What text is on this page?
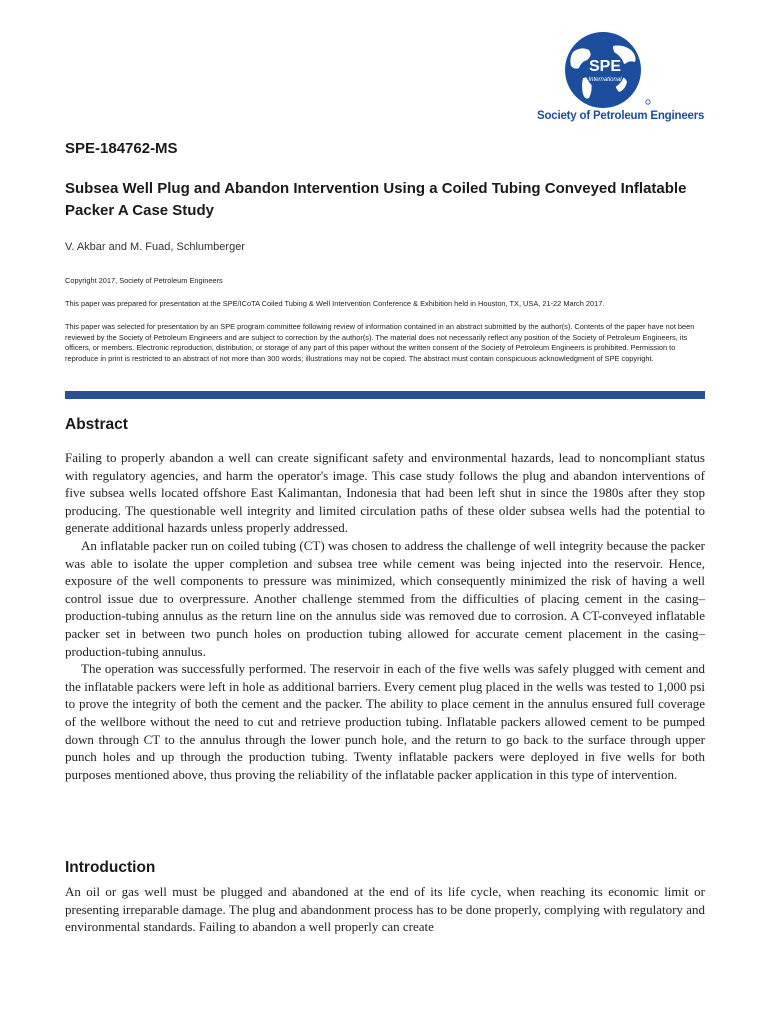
SPE
International
Society of Petroleum Engineers
SPE-184762-MS
Subsea Well Plug and Abandon Intervention Using a Coiled Tubing Conveyed Inflatable Packer A Case Study
V. Akbar and M. Fuad, Schlumberger

Copyright 2017, Society of Petroleum Engineers

This paper was prepared for presentation at the SPE/ICoTA Coiled Tubing & Well Intervention Conference & Exhibition held in Houston, TX, USA, 21-22 March 2017.

This paper was selected for presentation by an SPE program committee following review of information contained in an abstract submitted by the author(s). Contents of the paper have not been reviewed by the Society of Petroleum Engineers and are subject to correction by the author(s). The material does not necessarily reflect any position of the Society of Petroleum Engineers, its officers, or members. Electronic reproduction, distribution, or storage of any part of this paper without the written consent of the Society of Petroleum Engineers is prohibited. Permission to reproduce in print is restricted to an abstract of not more than 300 words; illustrations may not be copied. The abstract must contain conspicuous acknowledgment of SPE copyright.

Abstract

Failing to properly abandon a well can create significant safety and environmental hazards, lead to noncompliant status with regulatory agencies, and harm the operator's image. This case study follows the plug and abandon interventions of five subsea wells located offshore East Kalimantan, Indonesia that had been left shut in since the 1980s after they stop producing. The questionable well integrity and limited circulation paths of these older subsea wells had the potential to generate additional hazards unless properly addressed.

An inflatable packer run on coiled tubing (CT) was chosen to address the challenge of well integrity because the packer was able to isolate the upper completion and subsea tree while cement was being injected into the reservoir. Hence, exposure of the well components to pressure was minimized, which consequently minimized the risk of having a well control issue due to overpressure. Another challenge stemmed from the difficulties of placing cement in the casing–production-tubing annulus as the return line on the annulus side was removed due to corrosion. A CT-conveyed inflatable packer set in between two punch holes on production tubing allowed for accurate cement placement in the casing–production-tubing annulus.

The operation was successfully performed. The reservoir in each of the five wells was safely plugged with cement and the inflatable packers were left in hole as additional barriers. Every cement plug placed in the wells was tested to 1,000 psi to prove the integrity of both the cement and the packer. The ability to place cement in the annulus ensured full coverage of the wellbore without the need to cut and retrieve production tubing. Inflatable packers allowed cement to be pumped down through CT to the annulus through the lower punch hole, and the return to go back to the surface through upper punch holes and up through the production tubing. Twenty inflatable packers were deployed in five wells for both purposes mentioned above, thus proving the reliability of the inflatable packer application in this type of intervention.

Introduction

An oil or gas well must be plugged and abandoned at the end of its life cycle, when reaching its economic limit or presenting irreparable damage. The plug and abandonment process has to be done properly, complying with regulatory and environmental standards. Failing to abandon a well properly can create
